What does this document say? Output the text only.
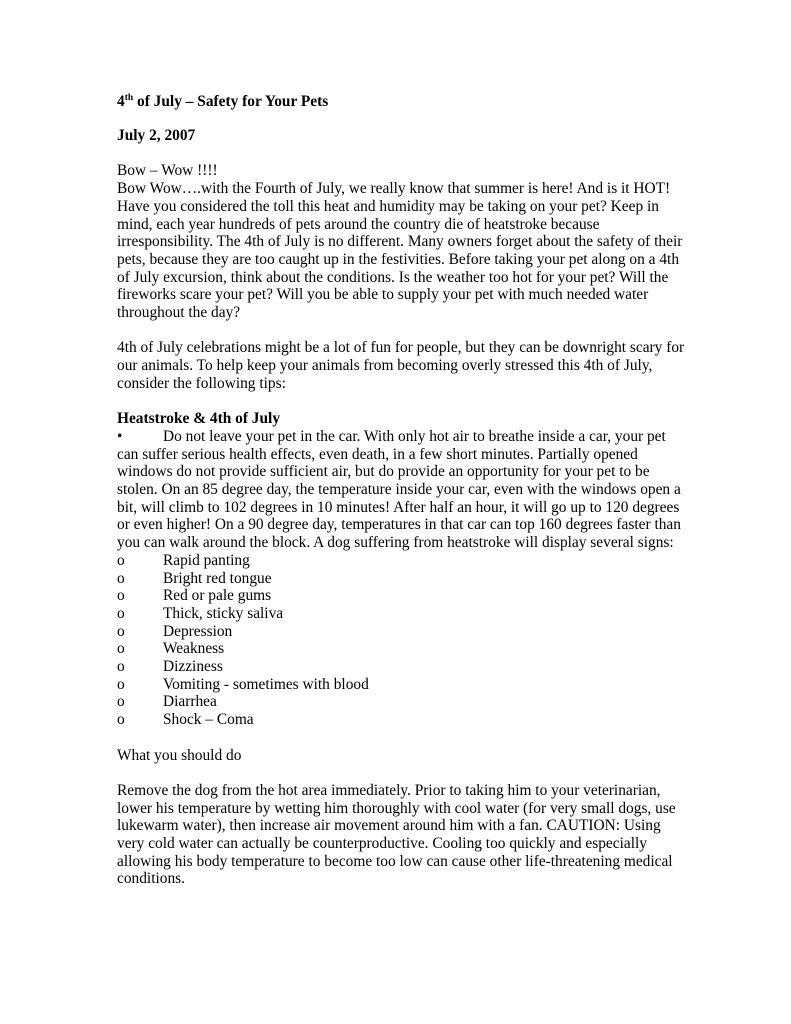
4th of July – Safety for Your Pets

July 2, 2007

Bow – Wow !!!!

Bow Wow….with the Fourth of July, we really know that summer is here! And is it HOT! Have you considered the toll this heat and humidity may be taking on your pet? Keep in mind, each year hundreds of pets around the country die of heatstroke because irresponsibility. The 4th of July is no different. Many owners forget about the safety of their pets, because they are too caught up in the festivities. Before taking your pet along on a 4th of July excursion, think about the conditions. Is the weather too hot for your pet? Will the fireworks scare your pet? Will you be able to supply your pet with much needed water throughout the day?

4th of July celebrations might be a lot of fun for people, but they can be downright scary for our animals. To help keep your animals from becoming overly stressed this 4th of July, consider the following tips:

Heatstroke & 4th of July

•	Do not leave your pet in the car. With only hot air to breathe inside a car, your pet can suffer serious health effects, even death, in a few short minutes. Partially opened windows do not provide sufficient air, but do provide an opportunity for your pet to be stolen. On an 85 degree day, the temperature inside your car, even with the windows open a bit, will climb to 102 degrees in 10 minutes! After half an hour, it will go up to 120 degrees or even higher! On a 90 degree day, temperatures in that car can top 160 degrees faster than you can walk around the block. A dog suffering from heatstroke will display several signs:

o Rapid panting
o Bright red tongue
o Red or pale gums
o Thick, sticky saliva
o Depression
o Weakness
o Dizziness
o Vomiting - sometimes with blood
o Diarrhea
o Shock – Coma

What you should do

Remove the dog from the hot area immediately. Prior to taking him to your veterinarian, lower his temperature by wetting him thoroughly with cool water (for very small dogs, use lukewarm water), then increase air movement around him with a fan. CAUTION: Using very cold water can actually be counterproductive. Cooling too quickly and especially allowing his body temperature to become too low can cause other life-threatening medical conditions.
